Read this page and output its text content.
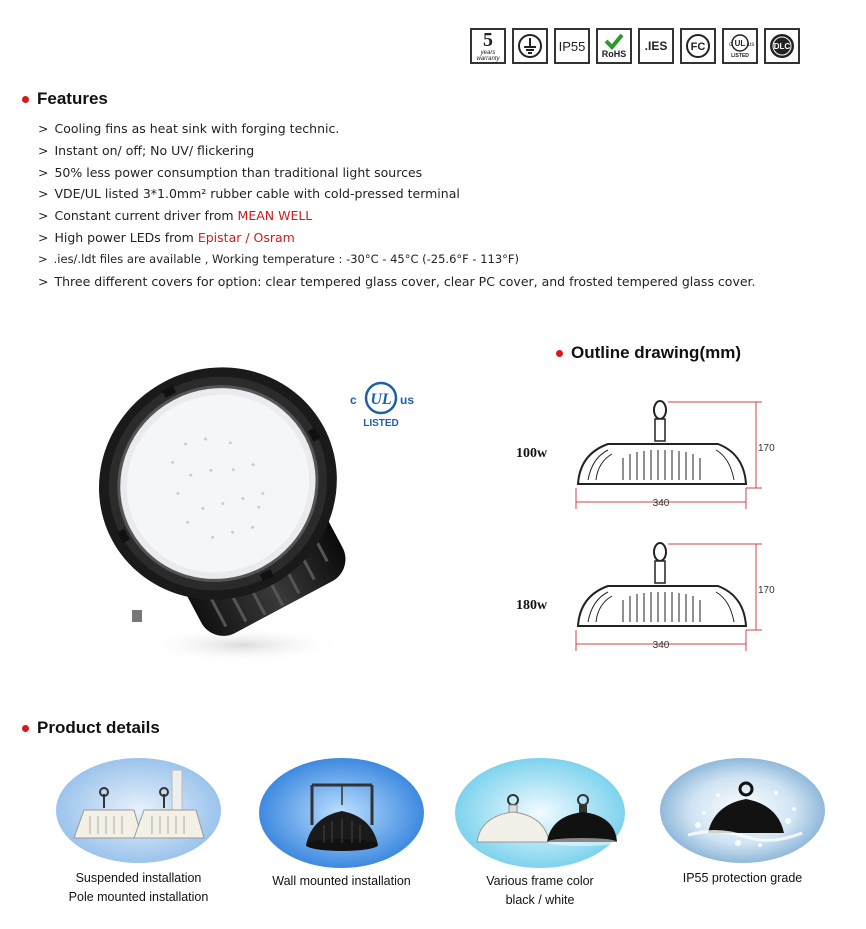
5
years
warranty
IP55
RoHS
.IES FC	UL
c	us
LISTED
DLC
Features
> Cooling fins as heat sink with forging technic.
> Instant on/ off; No UV/ flickering
> 50% less power consumption than traditional light sources
> VDE/UL listed 3*1.0mm² rubber cable with cold-pressed terminal
> Constant current driver from MEAN WELL
> High power LEDs from Epistar / Osram
> .ies/.ldt files are available , Working temperature : -30°C - 45°C (-25.6°F - 113°F)
> Three different covers for option: clear tempered glass cover, clear PC cover, and frosted tempered glass cover.
UL
c	us
LISTED
Outline drawing(mm)
100w
340
170
180w
340
170
Product details
Suspended installation
Pole mounted installation
Wall mounted installation	Various frame color
black / white
IP55 protection grade
